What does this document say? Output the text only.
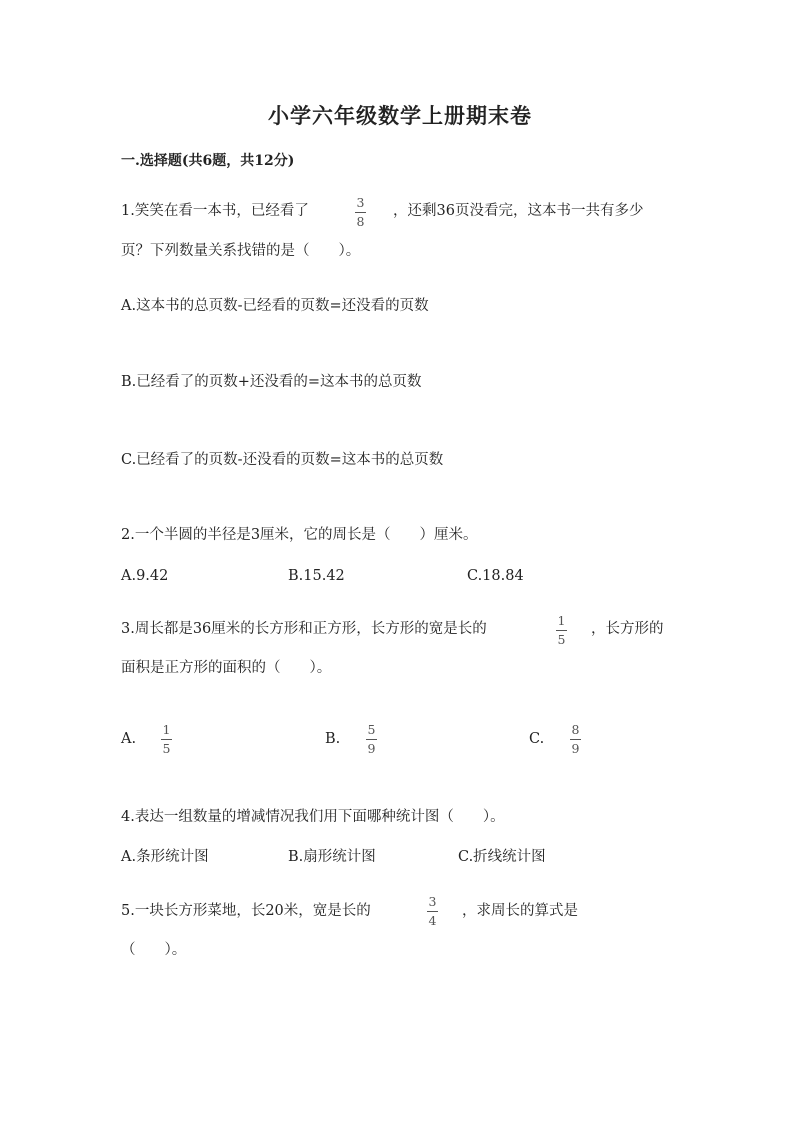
小学六年级数学上册期末卷
一.选择题(共6题，共12分)
1.笑笑在看一本书，已经看了
3
8
，还剩36页没看完，这本书一共有多少
页？下列数量关系找错的是（　　）。
A.这本书的总页数-已经看的页数=还没看的页数
B.已经看了的页数+还没看的=这本书的总页数
C.已经看了的页数-还没看的页数=这本书的总页数
2.一个半圆的半径是3厘米，它的周长是（　　）厘米。
A.9.42	B.15.42	C.18.84
3.周长都是36厘米的长方形和正方形，长方形的宽是长的
1
5
，长方形的
面积是正方形的面积的（　　）。
A.
1
5
B.
5
9
C.
8
9
4.表达一组数量的增减情况我们用下面哪种统计图（　　）。
A.条形统计图	B.扇形统计图	C.折线统计图
5.一块长方形菜地，长20米，宽是长的
3
4
，求周长的算式是
（　　）。
